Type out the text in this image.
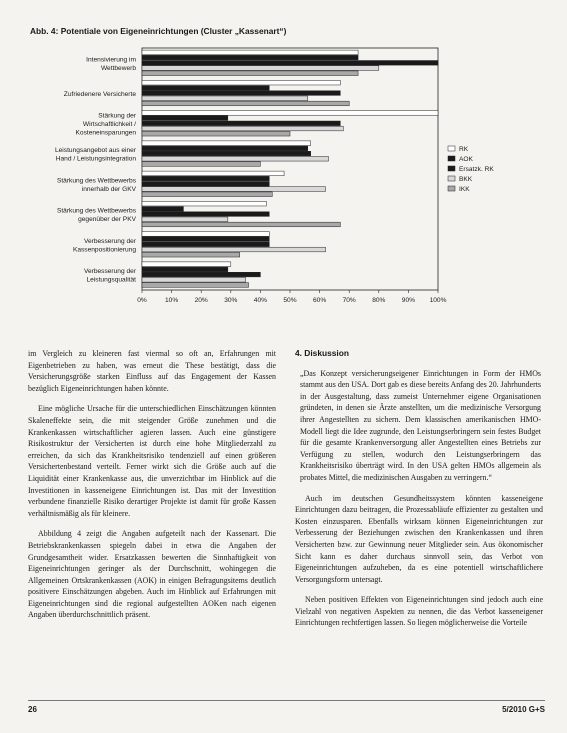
Abb. 4: Potentiale von Eigeneinrichtungen (Cluster „Kassenart“)
Intensivierung im
Wettbewerb
Zufriedenere Versicherte
Stärkung der
Wirtschaftlichkeit /
Kosteneinsparungen
Leistungsangebot aus einer
Hand / Leistungsintegration
Stärkung des Wettbewerbs
innerhalb der GKV
Stärkung des Wettbewerbs
gegenüber der PKV
Verbesserung der
Kassenpositionierung
Verbesserung der
Leistungsqualität
0%	10% 20% 30% 40% 50% 60% 70% 80% 90% 100%
RK
AOK
Ersatzk. RK
BKK
IKK

im Vergleich zu kleineren fast viermal so oft an, Erfahrungen mit Eigenbetrieben zu haben, was erneut die These bestätigt, dass die Versicherungsgröße starken Einfluss auf das Engagement der Kassen bezüglich Eigeneinrichtungen haben könnte.

Eine mögliche Ursache für die unterschiedlichen Einschätzungen könnten Skaleneffekte sein, die mit steigender Größe zunehmen und die Krankenkassen wirtschaftlicher agieren lassen. Auch eine günstigere Risikostruktur der Versicherten ist durch eine hohe Mitgliederzahl zu erreichen, da sich das Krankheitsrisiko tendenziell auf einen größeren Versichertenbestand verteilt. Ferner wirkt sich die Größe auch auf die Liquidität einer Krankenkasse aus, die unverzichtbar im Hinblick auf die Investitionen in kasseneigene Einrichtungen ist. Das mit der Investition verbundene finanzielle Risiko derartiger Projekte ist damit für große Kassen verhältnismäßig als für kleinere.

Abbildung 4 zeigt die Angaben aufgeteilt nach der Kassenart. Die Betriebskrankenkassen spiegeln dabei in etwa die Angaben der Grundgesamtheit wider. Ersatzkassen bewerten die Sinnhaftigkeit von Eigeneinrichtungen geringer als der Durchschnitt, wohingegen die Allgemeinen Ortskrankenkassen (AOK) in einigen Befragungsitems deutlich positivere Einschätzungen abgeben. Auch im Hinblick auf Erfahrungen mit Eigeneinrichtungen sind die regional aufgestellten AOKen nach eigenen Angaben überdurchschnittlich präsent.

4. Diskussion

„Das Konzept versicherungseigener Einrichtungen in Form der HMOs stammt aus den USA. Dort gab es diese bereits Anfang des 20. Jahrhunderts in der Ausgestaltung, dass zumeist Unternehmer eigene Organisationen gründeten, in denen sie Ärzte anstellten, um die medizinische Versorgung ihrer Angestellten zu sichern. Dem klassischen amerikanischen HMO-Modell liegt die Idee zugrunde, den Leistungserbringern sein festes Budget für die gesamte Krankenversorgung aller Angestellten eines Betriebs zur Verfügung zu stellen, wodurch den Leistungserbringern das Krankheitsrisiko überträgt wird. In den USA gelten HMOs allgemein als probates Mittel, die medizinischen Ausgaben zu verringern.“

Auch im deutschen Gesundheitssystem könnten kasseneigene Einrichtungen dazu beitragen, die Prozessabläufe effizienter zu gestalten und Kosten einzusparen. Ebenfalls wirksam können Eigeneinrichtungen zur Verbesserung der Beziehungen zwischen den Krankenkassen und ihren Versicherten bzw. zur Gewinnung neuer Mitglieder sein. Aus ökonomischer Sicht kann es daher durchaus sinnvoll sein, das Verbot von Eigeneinrichtungen aufzuheben, da es eine potentiell wirtschaftlichere Versorgungsform untersagt.

Neben positiven Effekten von Eigeneinrichtungen sind jedoch auch eine Vielzahl von negativen Aspekten zu nennen, die das Verbot kasseneigener Einrichtungen rechtfertigen lassen. So liegen möglicherweise die Vorteile

26	5/2010 G+S
